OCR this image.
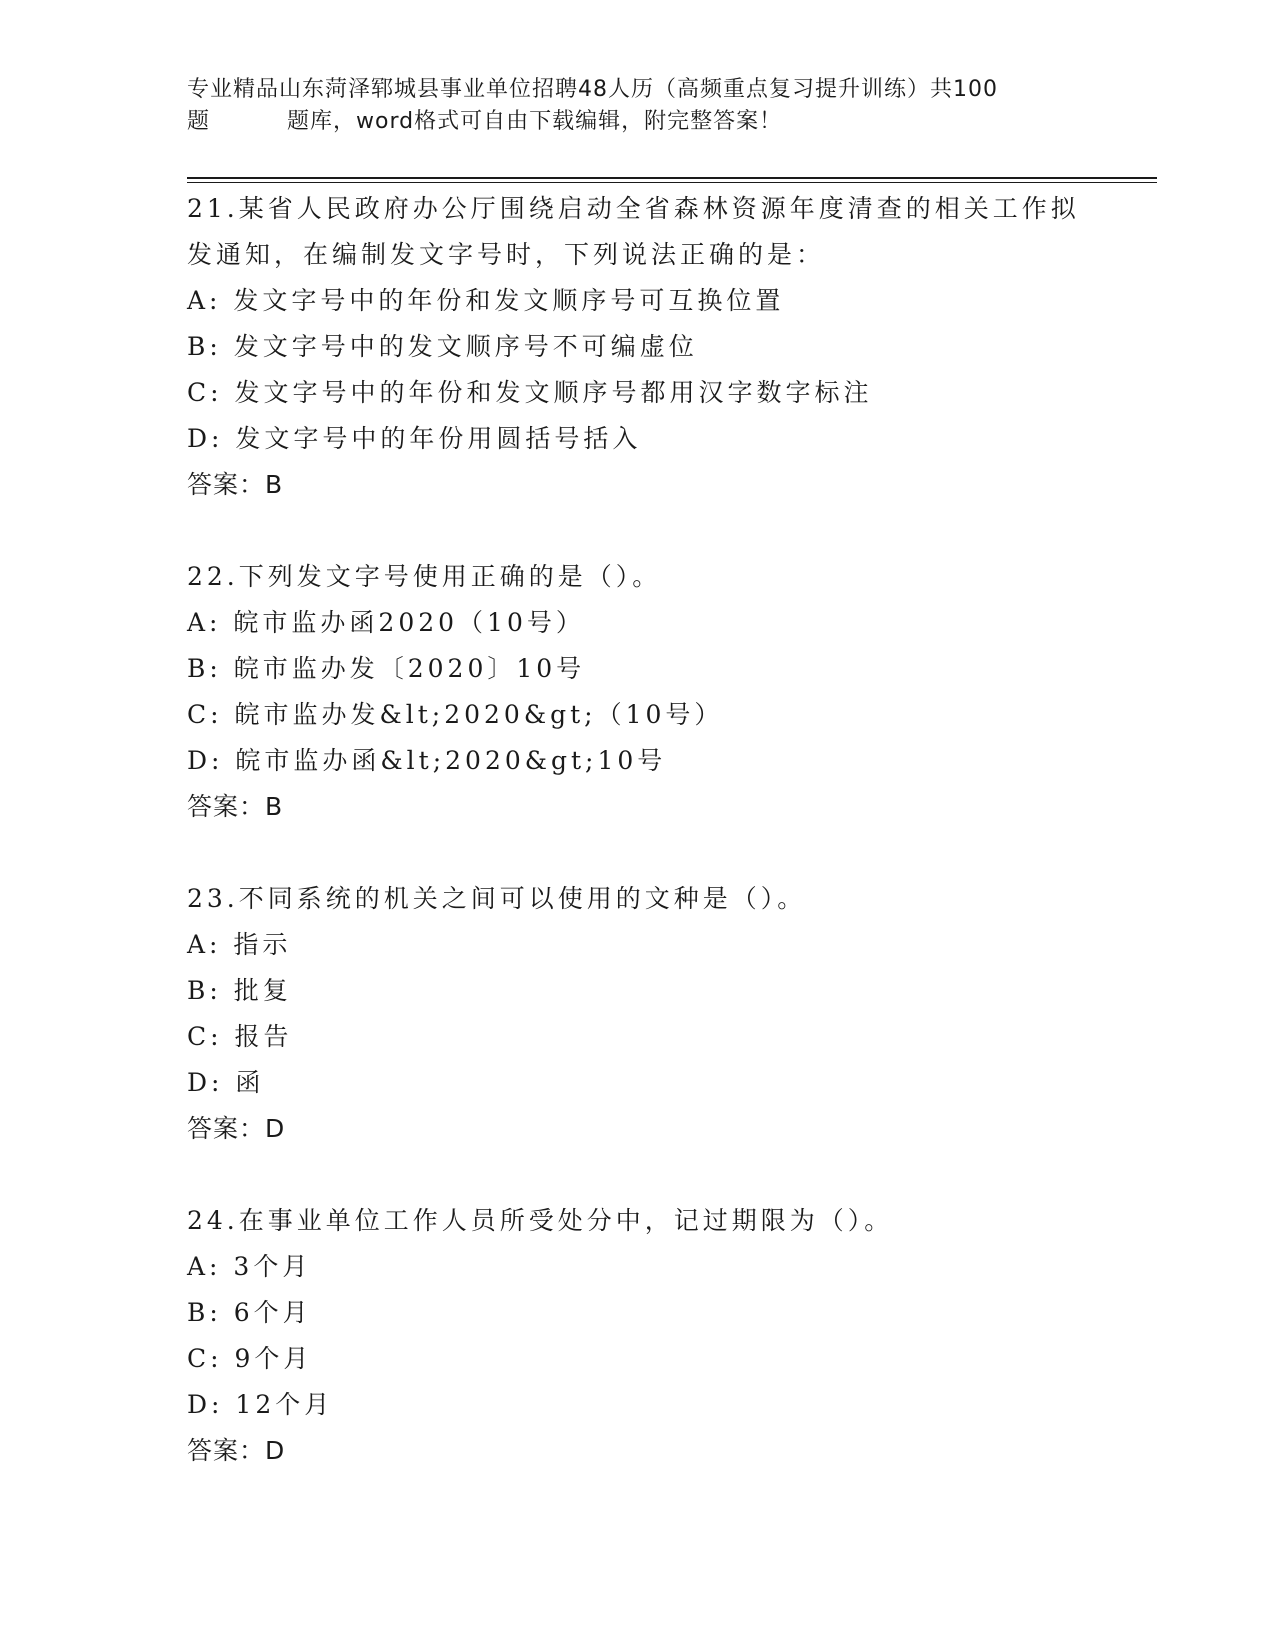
专业精品山东菏泽郓城县事业单位招聘48人历（高频重点复习提升训练）共100
题	题库，word格式可自由下载编辑，附完整答案！
21.某省人民政府办公厅围绕启动全省森林资源年度清查的相关工作拟
发通知，在编制发文字号时，下列说法正确的是：
A: 发文字号中的年份和发文顺序号可互换位置
B: 发文字号中的发文顺序号不可编虚位
C: 发文字号中的年份和发文顺序号都用汉字数字标注
D: 发文字号中的年份用圆括号括入
答案：B
22.下列发文字号使用正确的是（）。
A: 皖市监办函2020（10号）
B: 皖市监办发〔2020〕10号
C: 皖市监办发&lt;2020&gt;（10号）
D: 皖市监办函&lt;2020&gt;10号
答案：B
23.不同系统的机关之间可以使用的文种是（）。
A: 指示
B: 批复
C: 报告
D: 函
答案：D
24.在事业单位工作人员所受处分中，记过期限为（）。
A: 3个月
B: 6个月
C: 9个月
D: 12个月
答案：D
